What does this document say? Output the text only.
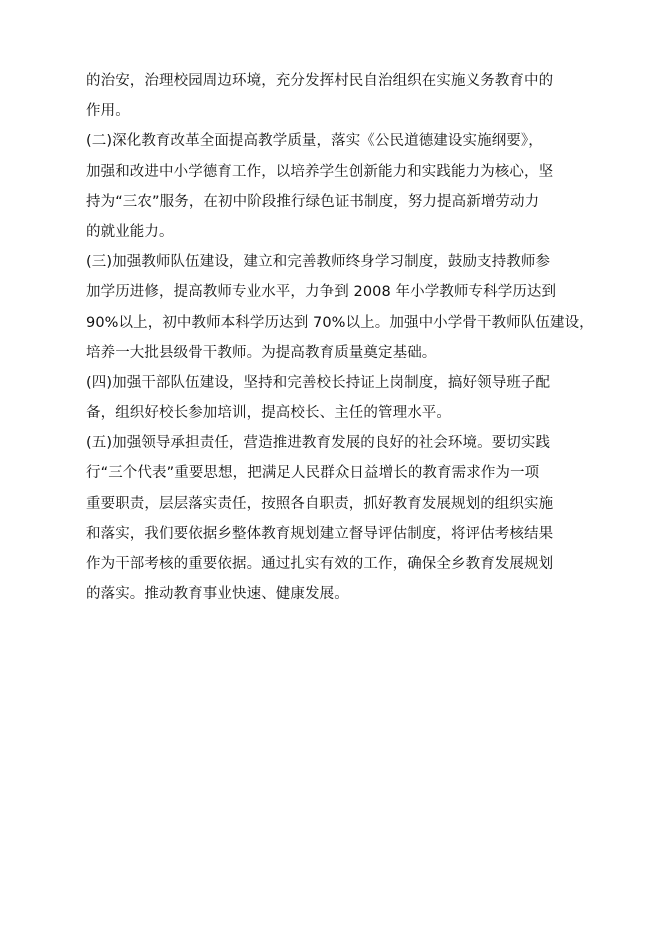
的治安，治理校园周边环境，充分发挥村民自治组织在实施义务教育中的
作用。
(二)深化教育改革全面提高教学质量，落实《公民道德建设实施纲要》，
加强和改进中小学德育工作，以培养学生创新能力和实践能力为核心，坚
持为“三农”服务，在初中阶段推行绿色证书制度，努力提高新增劳动力
的就业能力。
(三)加强教师队伍建设，建立和完善教师终身学习制度，鼓励支持教师参
加学历进修，提高教师专业水平，力争到 2008 年小学教师专科学历达到
90%以上，初中教师本科学历达到 70%以上。加强中小学骨干教师队伍建设，
培养一大批县级骨干教师。为提高教育质量奠定基础。
(四)加强干部队伍建设，坚持和完善校长持证上岗制度，搞好领导班子配
备，组织好校长参加培训，提高校长、主任的管理水平。
(五)加强领导承担责任，营造推进教育发展的良好的社会环境。要切实践
行“三个代表”重要思想，把满足人民群众日益增长的教育需求作为一项
重要职责，层层落实责任，按照各自职责，抓好教育发展规划的组织实施
和落实，我们要依据乡整体教育规划建立督导评估制度，将评估考核结果
作为干部考核的重要依据。通过扎实有效的工作，确保全乡教育发展规划
的落实。推动教育事业快速、健康发展。
